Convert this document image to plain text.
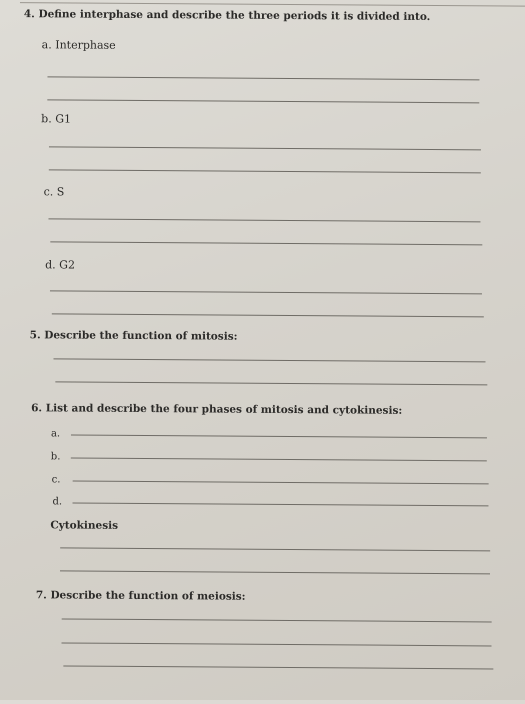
4. Define interphase and describe the three periods it is divided into.
a. Interphase
b. G1
c. S
d. G2
5. Describe the function of mitosis:
6. List and describe the four phases of mitosis and cytokinesis:
a.
b.
c.
d.
Cytokinesis
7. Describe the function of meiosis:
